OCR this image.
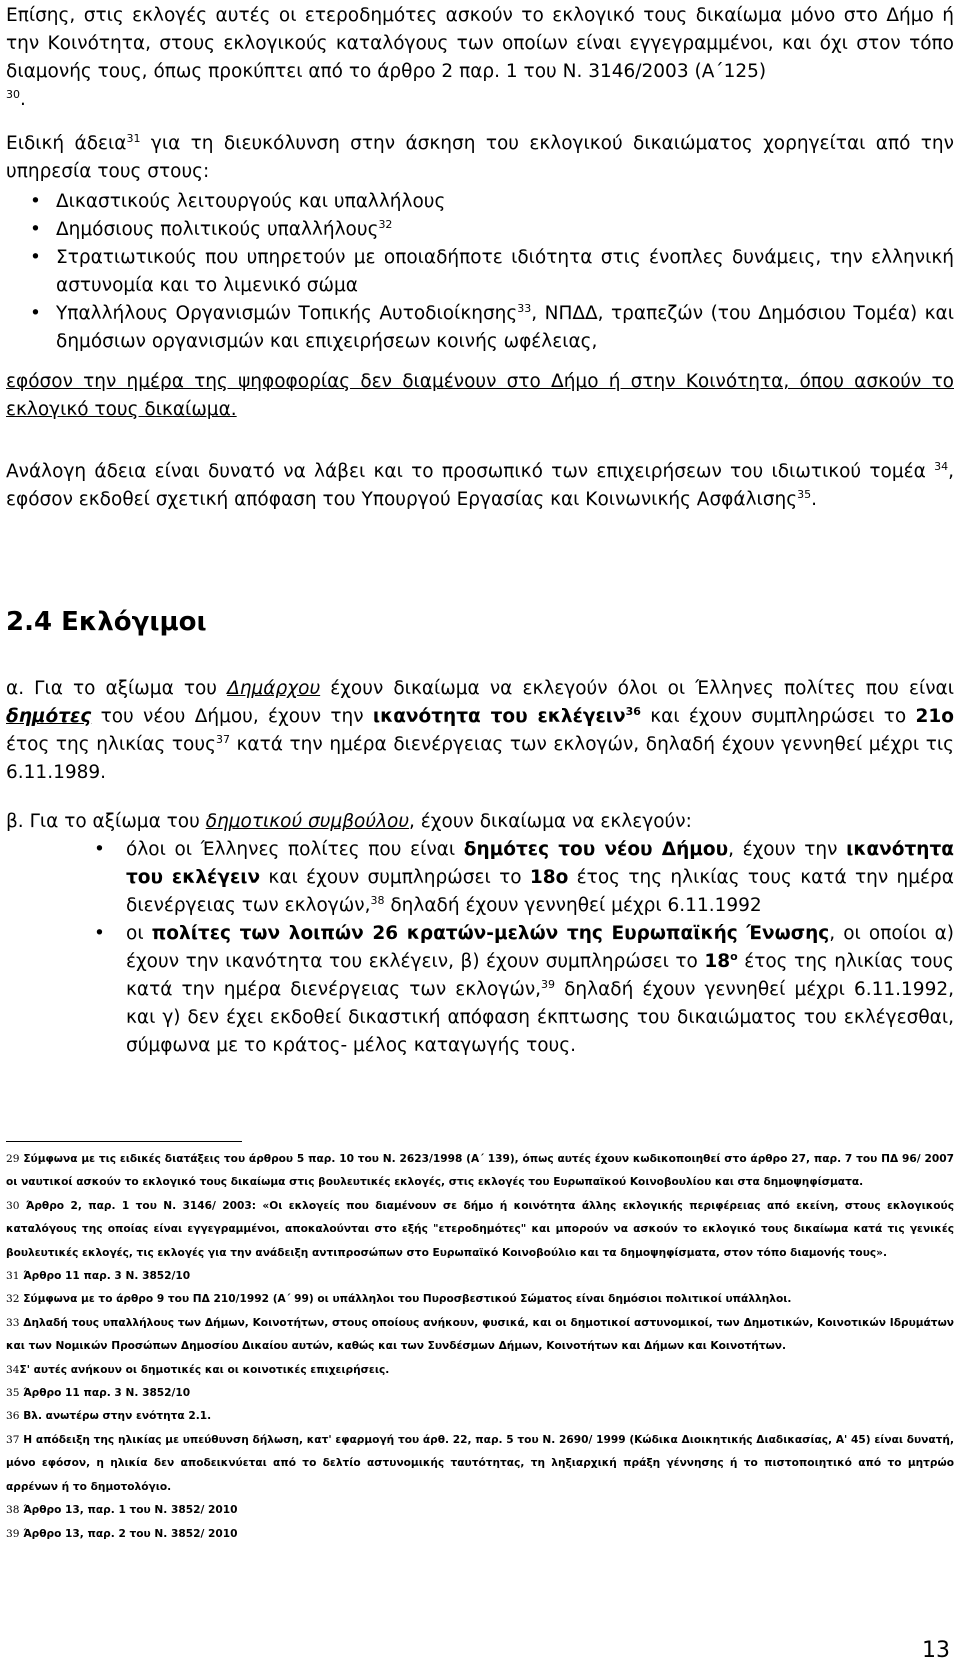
Επίσης, στις εκλογές αυτές οι ετεροδημότες ασκούν το εκλογικό τους δικαίωμα μόνο στο Δήμο ή την Κοινότητα, στους εκλογικούς καταλόγους των οποίων είναι εγγεγραμμένοι, και όχι στον τόπο διαμονής τους, όπως προκύπτει από το άρθρο 2 παρ. 1 του Ν. 3146/2003 (Α΄125)
$^{30}$.

Ειδική άδεια$^{31}$ για τη διευκόλυνση στην άσκηση του εκλογικού δικαιώματος χορηγείται από την υπηρεσία τους στους:

• Δικαστικούς λειτουργούς και υπαλλήλους

• Δημόσιους πολιτικούς υπαλλήλους$^{32}$

• Στρατιωτικούς που υπηρετούν με οποιαδήποτε ιδιότητα στις ένοπλες δυνάμεις, την ελληνική αστυνομία και το λιμενικό σώμα

• Υπαλλήλους Οργανισμών Τοπικής Αυτοδιοίκησης$^{33}$, ΝΠΔΔ, τραπεζών (του Δημόσιου Τομέα) και δημόσιων οργανισμών και επιχειρήσεων κοινής ωφέλειας,

εφόσον την ημέρα της ψηφοφορίας δεν διαμένουν στο Δήμο ή στην Κοινότητα, όπου ασκούν το εκλογικό τους δικαίωμα.

Ανάλογη άδεια είναι δυνατό να λάβει και το προσωπικό των επιχειρήσεων του ιδιωτικού τομέα $^{34}$, εφόσον εκδοθεί σχετική απόφαση του Υπουργού Εργασίας και Κοινωνικής Ασφάλισης$^{35}$.

2.4 Εκλόγιμοι

α. Για το αξίωμα του Δημάρχου έχουν δικαίωμα να εκλεγούν όλοι οι Έλληνες πολίτες που είναι δημότες του νέου Δήμου, έχουν την ικανότητα του εκλέγειν$^{36}$ και έχουν συμπληρώσει το 21ο έτος της ηλικίας τους$^{37}$ κατά την ημέρα διενέργειας των εκλογών, δηλαδή έχουν γεννηθεί μέχρι τις 6.11.1989.

β. Για το αξίωμα του δημοτικού συμβούλου, έχουν δικαίωμα να εκλεγούν:

• όλοι οι Έλληνες πολίτες που είναι δημότες του νέου Δήμου, έχουν την ικανότητα του εκλέγειν και έχουν συμπληρώσει το 18ο έτος της ηλικίας τους κατά την ημέρα διενέργειας των εκλογών,$^{38}$ δηλαδή έχουν γεννηθεί μέχρι 6.11.1992

• οι πολίτες των λοιπών 26 κρατών-μελών της Ευρωπαϊκής Ένωσης, οι οποίοι α) έχουν την ικανότητα του εκλέγειν, β) έχουν συμπληρώσει το $18^o$ έτος της ηλικίας τους κατά την ημέρα διενέργειας των εκλογών,$^{39}$ δηλαδή έχουν γεννηθεί μέχρι 6.11.1992, και γ) δεν έχει εκδοθεί δικαστική απόφαση έκπτωσης του δικαιώματος του εκλέγεσθαι, σύμφωνα με το κράτος- μέλος καταγωγής τους.

29 Σύμφωνα με τις ειδικές διατάξεις του άρθρου 5 παρ. 10 του Ν. 2623/1998 (Α΄ 139), όπως αυτές έχουν κωδικοποιηθεί στο άρθρο 27, παρ. 7 του ΠΔ 96/ 2007 οι ναυτικοί ασκούν το εκλογικό τους δικαίωμα στις βουλευτικές εκλογές, στις εκλογές του Ευρωπαϊκού Κοινοβουλίου και στα δημοψηφίσματα.

30 Άρθρο 2, παρ. 1 του Ν. 3146/ 2003: «Οι εκλογείς που διαμένουν σε δήμο ή κοινότητα άλλης εκλογικής περιφέρειας από εκείνη, στους εκλογικούς καταλόγους της οποίας είναι εγγεγραμμένοι, αποκαλούνται στο εξής "ετεροδημότες" και μπορούν να ασκούν το εκλογικό τους δικαίωμα κατά τις γενικές βουλευτικές εκλογές, τις εκλογές για την ανάδειξη αντιπροσώπων στο Ευρωπαϊκό Κοινοβούλιο και τα δημοψηφίσματα, στον τόπο διαμονής τους».

31 Άρθρο 11 παρ. 3 Ν. 3852/10

32 Σύμφωνα με το άρθρο 9 του ΠΔ 210/1992 (Α΄ 99) οι υπάλληλοι του Πυροσβεστικού Σώματος είναι δημόσιοι πολιτικοί υπάλληλοι.

33 Δηλαδή τους υπαλλήλους των Δήμων, Κοινοτήτων, στους οποίους ανήκουν, φυσικά, και οι δημοτικοί αστυνομικοί, των Δημοτικών, Κοινοτικών Ιδρυμάτων και των Νομικών Προσώπων Δημοσίου Δικαίου αυτών, καθώς και των Συνδέσμων Δήμων, Κοινοτήτων και Δήμων και Κοινοτήτων.

34Σ' αυτές ανήκουν οι δημοτικές και οι κοινοτικές επιχειρήσεις.

35 Άρθρο 11 παρ. 3 Ν. 3852/10

36 Βλ. ανωτέρω στην ενότητα 2.1.

37 Η απόδειξη της ηλικίας με υπεύθυνση δήλωση, κατ' εφαρμογή του άρθ. 22, παρ. 5 του Ν. 2690/ 1999 (Κώδικα Διοικητικής Διαδικασίας, Α' 45) είναι δυνατή, μόνο εφόσον, η ηλικία δεν αποδεικνύεται από το δελτίο αστυνομικής ταυτότητας, τη ληξιαρχική πράξη γέννησης ή το πιστοποιητικό από το μητρώο αρρένων ή το δημοτολόγιο.

38 Άρθρο 13, παρ. 1 του Ν. 3852/ 2010

39 Άρθρο 13, παρ. 2 του Ν. 3852/ 2010

13
